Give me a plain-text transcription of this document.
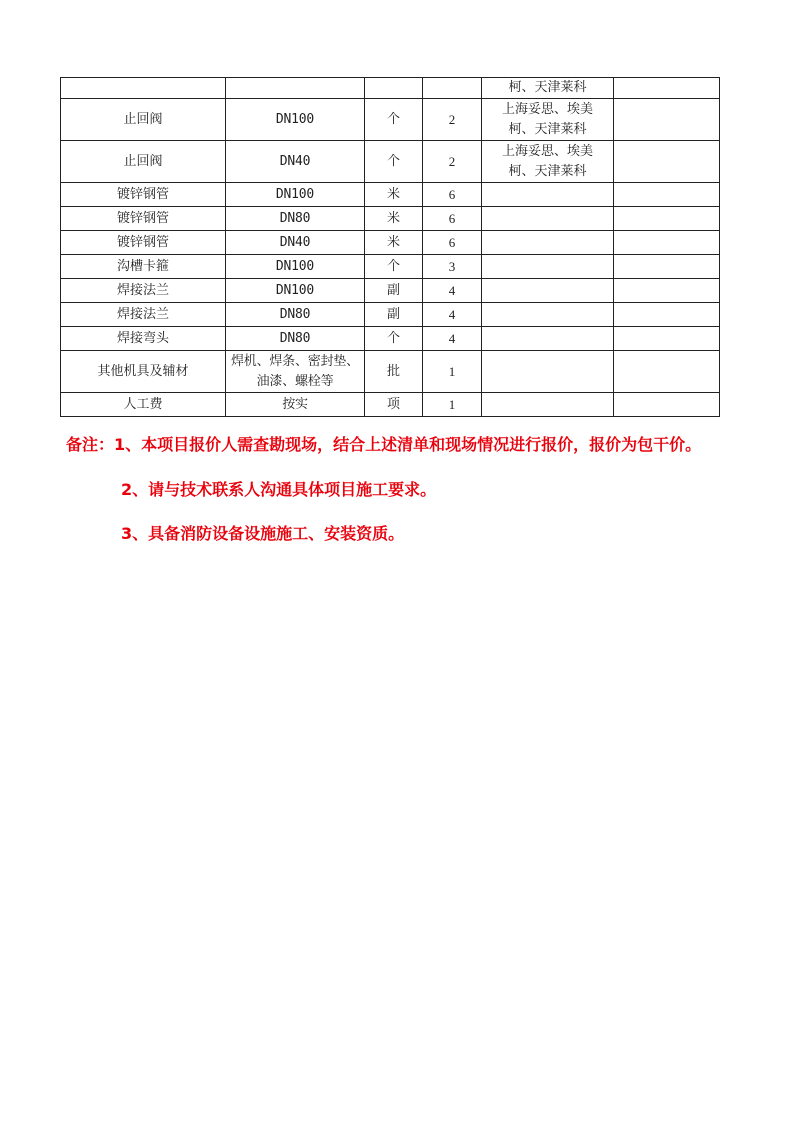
				柯、天津莱科	

止回阀	DN100	个	2	上海妥思、埃美
柯、天津莱科	

止回阀	DN40	个	2	上海妥思、埃美
柯、天津莱科	

镀锌钢管	DN100	米	6		
镀锌钢管	DN80	米	6		
镀锌钢管	DN40	米	6		
沟槽卡箍	DN100	个	3		
焊接法兰	DN100	副	4		
焊接法兰	DN80	副	4		
焊接弯头	DN80	个	4		
其他机具及辅材	焊机、焊条、密封垫、
油漆、螺栓等	批	1		
人工费	按实	项	1		

备注：1、本项目报价人需查勘现场，结合上述清单和现场情况进行报价，报价为包干价。

2、请与技术联系人沟通具体项目施工要求。

3、具备消防设备设施施工、安装资质。
